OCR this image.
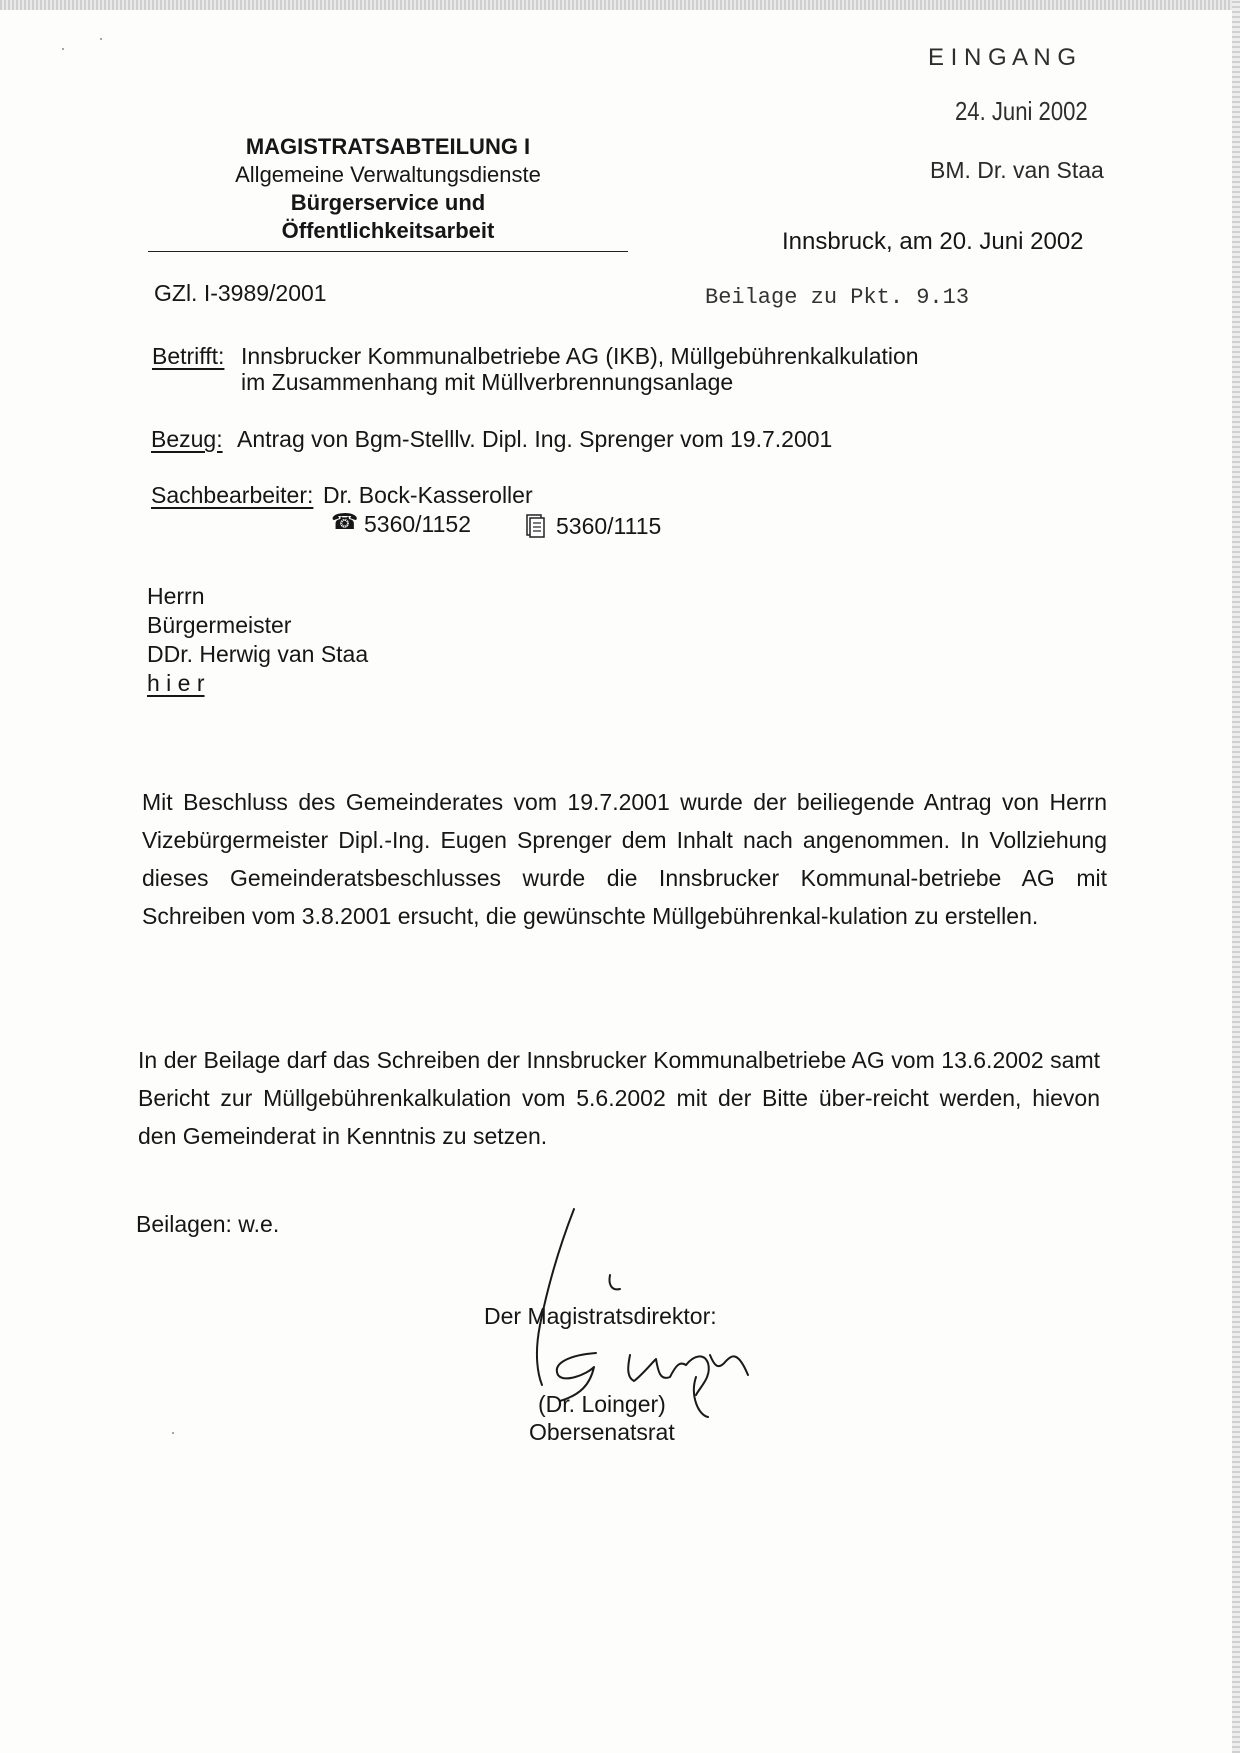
E I N G A N G
24. Juni 2002
BM. Dr. van Staa
MAGISTRATSABTEILUNG I
Allgemeine Verwaltungsdienste
Bürgerservice und
Öffentlichkeitsarbeit	Innsbruck, am 20. Juni 2002
GZl. I-3989/2001	Beilage zu Pkt. 9.13
Betrifft: Innsbrucker Kommunalbetriebe AG (IKB), Müllgebührenkalkulation
im Zusammenhang mit Müllverbrennungsanlage
Bezug: Antrag von Bgm-Stelllv. Dipl. Ing. Sprenger vom 19.7.2001
Sachbearbeiter: Dr. Bock-Kasseroller
☎ 5360/1152	5360/1115
Herrn
Bürgermeister
DDr. Herwig van Staa
h i e r
Mit Beschluss des Gemeinderates vom 19.7.2001 wurde der beiliegende Antrag von Herrn Vizebürgermeister Dipl.-Ing. Eugen Sprenger dem Inhalt nach angenommen. In Vollziehung dieses Gemeinderatsbeschlusses wurde die Innsbrucker Kommunal-betriebe AG mit Schreiben vom 3.8.2001 ersucht, die gewünschte Müllgebührenkal-kulation zu erstellen.
In der Beilage darf das Schreiben der Innsbrucker Kommunalbetriebe AG vom 13.6.2002 samt Bericht zur Müllgebührenkalkulation vom 5.6.2002 mit der Bitte über-reicht werden, hievon den Gemeinderat in Kenntnis zu setzen.
Beilagen: w.e.
Der Magistratsdirektor:
(Dr. Loinger)
Obersenatsrat
